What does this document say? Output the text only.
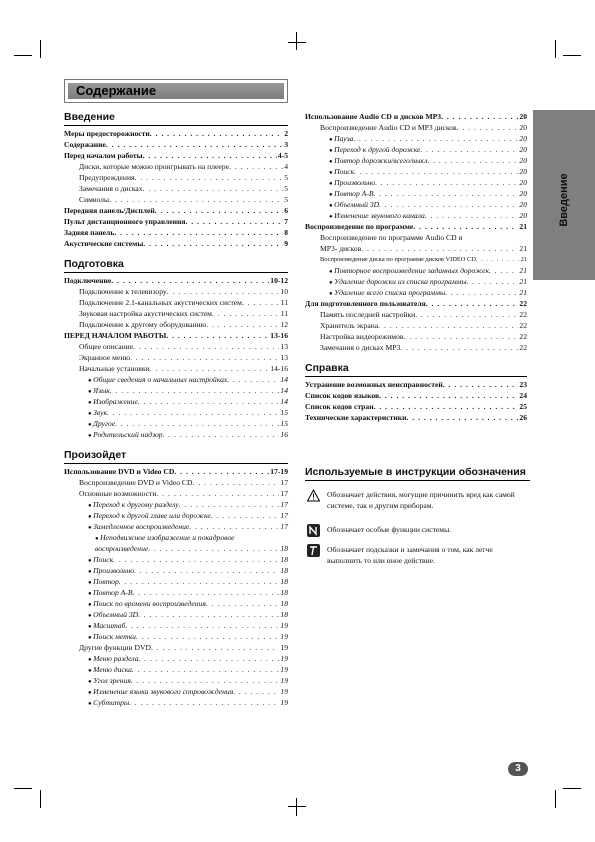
Содержание
Введение
Введение
Меры предосторожности . . .	2
Содержание . . .	3
Перед началом работы . . .	4-5
Диски, которые можно проигрывать на плеере . . .	4
Предупреждения . . .	5
Замечания о дисках . . .	5
Символы . . .	5
Передняя панель/Дисплей . . .	6
Пульт дистанционного управления . . .	7
Задняя панель . . .	8
Акустические системы . . .	9
Подготовка
Подключение . . .	10-12
Подключение к телевизору . . .	10
Подключение 2.1-канальных акустических систем . . .	11
Звуковая настройка акустических систем . . .	11
Подключение к другому оборудованию . . .	12
ПЕРЕД НАЧАЛОМ РАБОТЫ . . .	13-16
Общее описание . . .	13
Экранное меню . . .	13
Начальные установки . . .	14-16
● Общие сведения о начальных настройках . . .	14
● Язык . . .	14
● Изображение . . .	14
● Звук . . .	15
● Другое . . .	15
● Родительский надзор . . .	16
Произойдет
Использование DVD и Video CD . . .	17-19
Воспроизведение DVD и Video CD . . .	17
Основные возможности . . .	17
● Переход к другому разделу . . .	17
● Переход к другой главе или дорожке . . .	17
● Замедленное воспроизведение . . .	17
● Неподвижное изображение и покадровое
воспроизведение . . .	18
● Поиск . . .	18
● Произвольно . . .	18
● Повтор . . .	18
● Повтор A-B . . .	18
● Поиск по времени воспроизведения . . .	18
● Объемный 3D . . .	18
● Масштаб . . .	19
● Поиск метки . . .	19
Другие функции DVD . . .	19
● Меню раздела . . .	19
● Меню диска . . .	19
● Угол зрения . . .	19
● Изменение языка звукового сопровождения . . .	19
● Субтитры . . .	19
Использование Audio CD и дисков MP3 . . .	20
Воспроизведение Audio CD и MP3 дисков . . .	20
● Пауза . . .	20
● Переход к другой дорожке . . .	20
● Повтор дорожки/всего/выкл . . .	20
● Поиск . . .	20
● Произвольно . . .	20
● Повтор A-B . . .	20
● Объемный 3D . . .	20
● Изменение звукового канала . . .	20
Воспроизведение по программе . . .	21
Воспроизведение по программе Audio CD и
MP3- дисков . . .	21
Воспроизведение диска по программе дисков VIDEO CD . . .	21
● Повторное воспроизведение заданных дорожек . . .	21
● Удаление дорожки из списка программы . . .	21
● Удаление всего списка программы . . .	21
Для подготовленного пользователя . . .	22
Память последней настройки . . .	22
Хранитель экрана . . .	22
Настройка видеорежимов . . .	22
Замечания о дисках MP3 . . .	22
Справка
Устранение возможных неисправностей . . .	23
Список кодов языков . . .	24
Список кодов стран . . .	25
Технические характеристики . . .	26
Используемые в инструкции обозначения
Обозначает действия, могущие причинить вред как самой системе, так и другим приборам.
Обозначает особые функции системы.
Обозначает подсказки и замечания о том, как легче выполнить то или иное действие.
3
